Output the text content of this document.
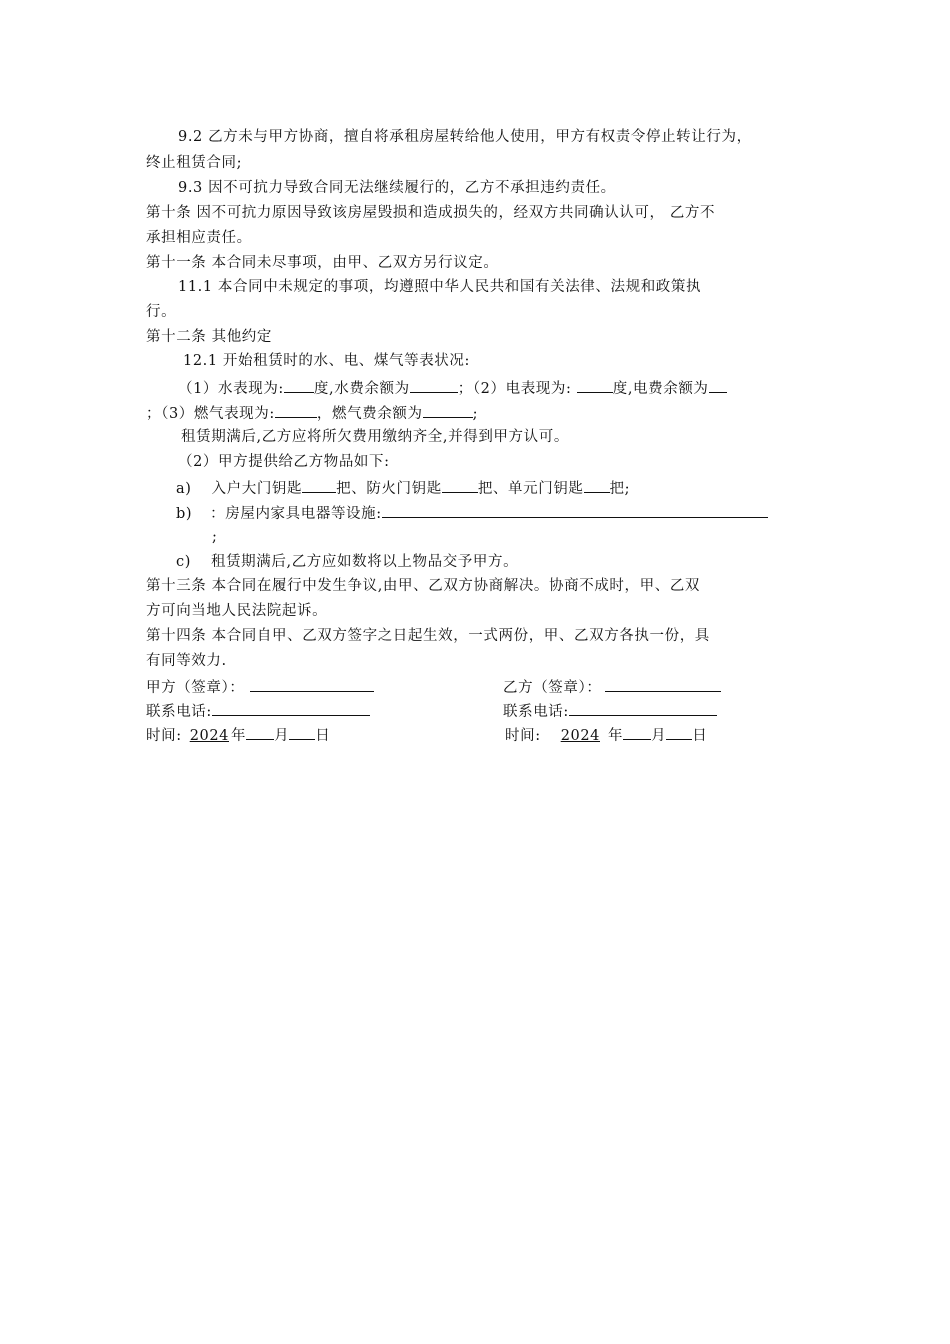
9.2 乙方未与甲方协商，擅自将承租房屋转给他人使用，甲方有权责令停止转让行为，
终止租赁合同;
9.3 因不可抗力导致合同无法继续履行的，乙方不承担违约责任。
第十条 因不可抗力原因导致该房屋毁损和造成损失的，经双方共同确认认可， 乙方不
承担相应责任。
第十一条 本合同未尽事项，由甲、乙双方另行议定。
11.1 本合同中未规定的事项，均遵照中华人民共和国有关法律、法规和政策执
行。
第十二条 其他约定
12.1 开始租赁时的水、电、煤气等表状况:
（1）水表现为: 度,水费余额为	；（2）电表现为: 度,电费余额为
；（3）燃气表现为:	，燃气费余额为	;
租赁期满后,乙方应将所欠费用缴纳齐全,并得到甲方认可。
（2）甲方提供给乙方物品如下:
a) 入户大门钥匙 把、防火门钥匙 把、单元门钥匙 把;
b) ：房屋内家具电器等设施:
;
c) 租赁期满后,乙方应如数将以上物品交予甲方。
第十三条 本合同在履行中发生争议,由甲、乙双方协商解决。协商不成时，甲、乙双
方可向当地人民法院起诉。
第十四条 本合同自甲、乙双方签字之日起生效，一式两份，甲、乙双方各执一份，具
有同等效力.
甲方（签章）：	乙方（签章）：
联系电话:	联系电话:
时间: 2024 年 月 日	时间: 2024 年 月 日
